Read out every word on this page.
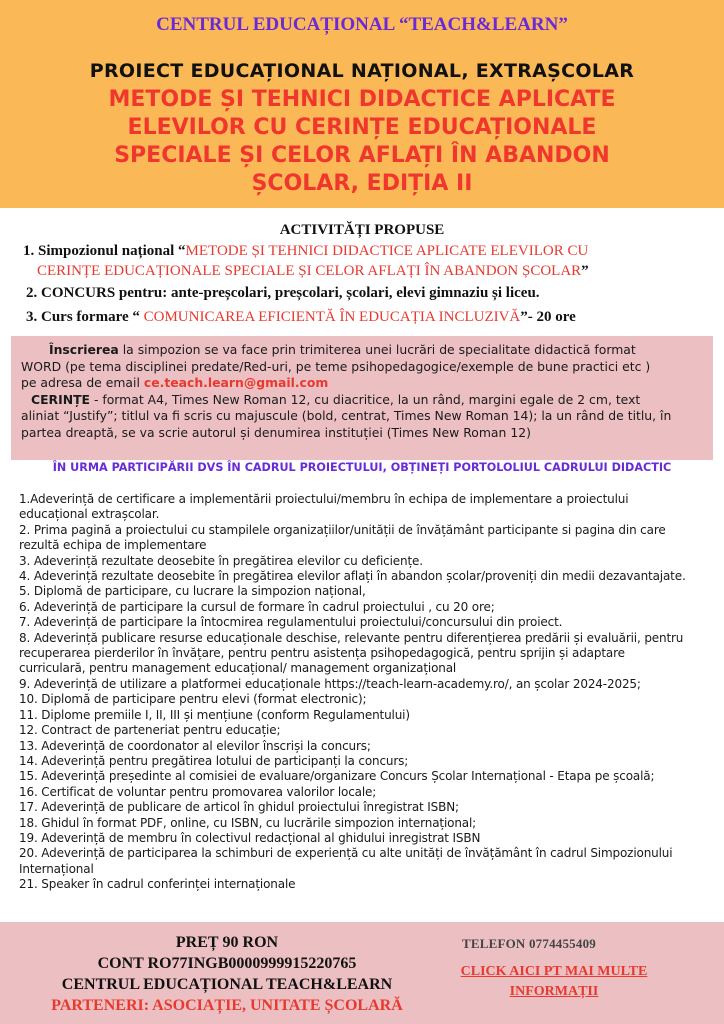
CENTRUL EDUCAȚIONAL “TEACH&LEARN”
PROIECT EDUCAȚIONAL NAȚIONAL, EXTRAȘCOLAR
METODE ȘI TEHNICI DIDACTICE APLICATE
ELEVILOR CU CERINȚE EDUCAȚIONALE
SPECIALE ȘI CELOR AFLAȚI ÎN ABANDON
ȘCOLAR, EDIȚIA II
ACTIVITĂȚI PROPUSE
1. Simpozionul național “METODE ȘI TEHNICI DIDACTICE APLICATE ELEVILOR CU
CERINȚE EDUCAȚIONALE SPECIALE ȘI CELOR AFLAȚI ÎN ABANDON ȘCOLAR”
2. CONCURS pentru: ante-preșcolari, preșcolari, școlari, elevi gimnaziu și liceu.
3. Curs formare “ COMUNICAREA EFICIENTĂ ÎN EDUCAȚIA INCLUZIVĂ”- 20 ore
Înscrierea la simpozion se va face prin trimiterea unei lucrări de specialitate didactică format
WORD (pe tema disciplinei predate/Red-uri, pe teme psihopedagogice/exemple de bune practici etc )
pe adresa de email ce.teach.learn@gmail.com
CERINȚE - format A4, Times New Roman 12, cu diacritice, la un rând, margini egale de 2 cm, text
aliniat “Justify”; titlul va fi scris cu majuscule (bold, centrat, Times New Roman 14); la un rând de titlu, în
partea dreaptă, se va scrie autorul și denumirea instituției (Times New Roman 12)
ÎN URMA PARTICIPĂRII DVS ÎN CADRUL PROIECTULUI, OBȚINEȚI PORTOLOLIUL CADRULUI DIDACTIC
1.Adeverință de certificare a implementării proiectului/membru în echipa de implementare a proiectului
educațional extrașcolar.
2. Prima pagină a proiectului cu stampilele organizațiilor/unității de învățământ participante si pagina din care
rezultă echipa de implementare
3. Adeverință rezultate deosebite în pregătirea elevilor cu deficiențe.
4. Adeverință rezultate deosebite în pregătirea elevilor aflați în abandon școlar/proveniți din medii dezavantajate.
5. Diplomă de participare, cu lucrare la simpozion național,
6. Adeverință de participare la cursul de formare în cadrul proiectului , cu 20 ore;
7. Adeverință de participare la întocmirea regulamentului proiectului/concursului din proiect.
8. Adeverință publicare resurse educaționale deschise, relevante pentru diferențierea predării și evaluării, pentru
recuperarea pierderilor în învățare, pentru pentru asistența psihopedagogică, pentru sprijin și adaptare
curriculară, pentru management educațional/ management organizațional
9. Adeverință de utilizare a platformei educaționale https://teach-learn-academy.ro/, an școlar 2024-2025;
10. Diplomă de participare pentru elevi (format electronic);
11. Diplome premiile I, II, III și mențiune (conform Regulamentului)
12. Contract de parteneriat pentru educație;
13. Adeverință de coordonator al elevilor înscriși la concurs;
14. Adeverință pentru pregătirea lotului de participanți la concurs;
15. Adeverință președinte al comisiei de evaluare/organizare Concurs Școlar Internațional - Etapa pe școală;
16. Certificat de voluntar pentru promovarea valorilor locale;
17. Adeverință de publicare de articol în ghidul proiectului înregistrat ISBN;
18. Ghidul în format PDF, online, cu ISBN, cu lucrările simpozion internațional;
19. Adeverință de membru în colectivul redacțional al ghidului inregistrat ISBN
20. Adeverință de participarea la schimburi de experiență cu alte unități de învățământ în cadrul Simpozionului
Internațional
21. Speaker în cadrul conferinței internaționale
PREȚ 90 RON
CONT RO77INGB0000999915220765
CENTRUL EDUCAȚIONAL TEACH&LEARN
PARTENERI: ASOCIAȚIE, UNITATE ȘCOLARĂ
TELEFON 0774455409
CLICK AICI PT MAI MULTE
INFORMAȚII
